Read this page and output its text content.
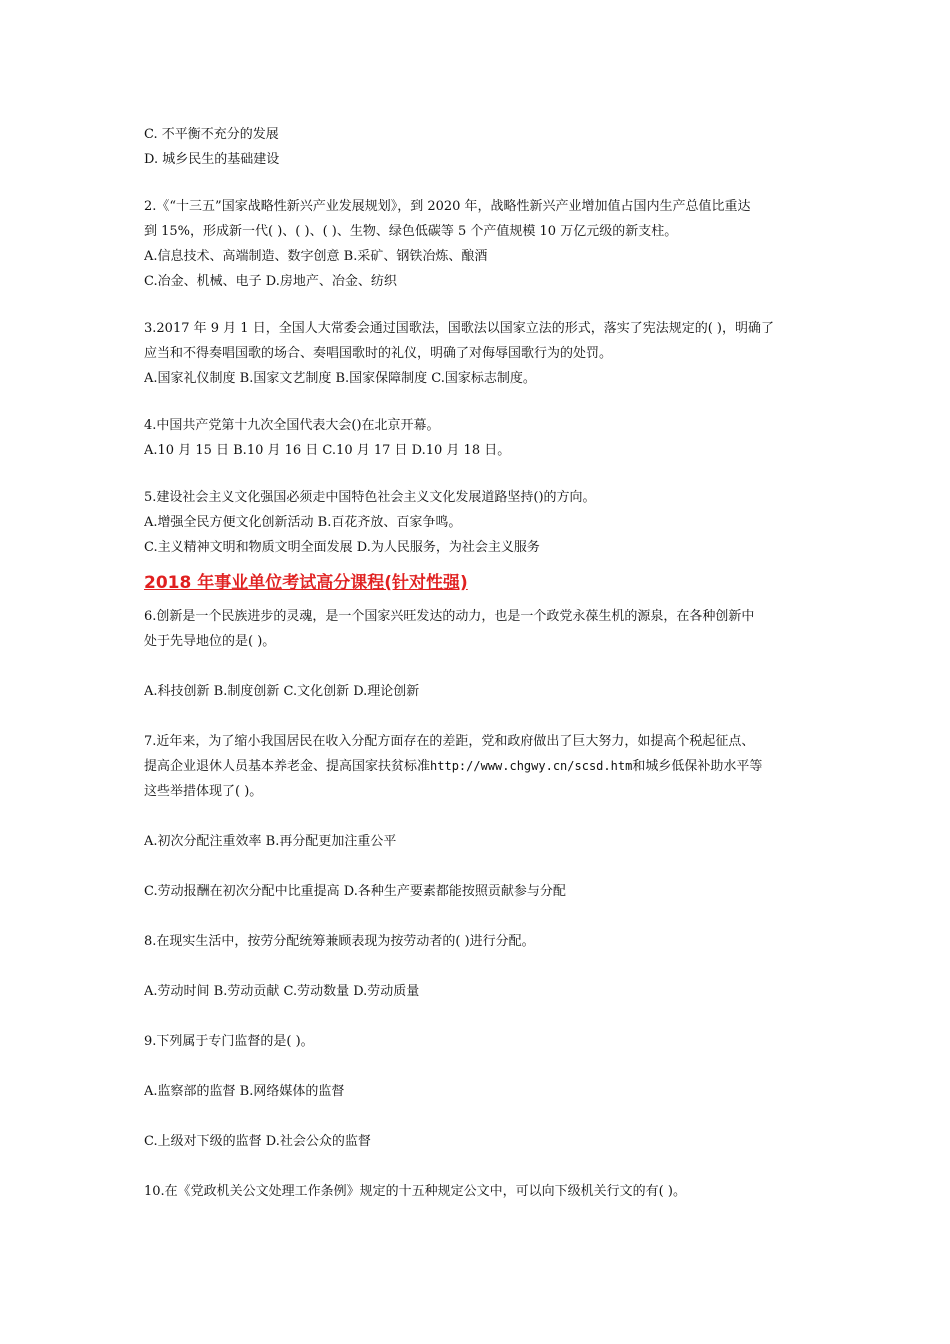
C. 不平衡不充分的发展
D. 城乡民生的基础建设
2.《“十三五”国家战略性新兴产业发展规划》，到 2020 年，战略性新兴产业增加值占国内生产总值比重达
到 15%，形成新一代( )、( )、( )、生物、绿色低碳等 5 个产值规模 10 万亿元级的新支柱。
A.信息技术、高端制造、数字创意 B.采矿、钢铁冶炼、酿酒
C.冶金、机械、电子 D.房地产、冶金、纺织
3.2017 年 9 月 1 日，全国人大常委会通过国歌法，国歌法以国家立法的形式，落实了宪法规定的( )，明确了
应当和不得奏唱国歌的场合、奏唱国歌时的礼仪，明确了对侮辱国歌行为的处罚。
A.国家礼仪制度 B.国家文艺制度 B.国家保障制度 C.国家标志制度。
4.中国共产党第十九次全国代表大会()在北京开幕。
A.10 月 15 日 B.10 月 16 日 C.10 月 17 日 D.10 月 18 日。
5.建设社会主义文化强国必须走中国特色社会主义文化发展道路坚持()的方向。
A.增强全民方便文化创新活动 B.百花齐放、百家争鸣。
C.主义精神文明和物质文明全面发展 D.为人民服务，为社会主义服务
2018 年事业单位考试高分课程(针对性强)
6.创新是一个民族进步的灵魂，是一个国家兴旺发达的动力，也是一个政党永葆生机的源泉，在各种创新中
处于先导地位的是( )。
A.科技创新 B.制度创新 C.文化创新 D.理论创新
7.近年来，为了缩小我国居民在收入分配方面存在的差距，党和政府做出了巨大努力，如提高个税起征点、
提高企业退休人员基本养老金、提高国家扶贫标准http://www.chgwy.cn/scsd.htm和城乡低保补助水平等
这些举措体现了( )。
A.初次分配注重效率 B.再分配更加注重公平
C.劳动报酬在初次分配中比重提高 D.各种生产要素都能按照贡献参与分配
8.在现实生活中，按劳分配统筹兼顾表现为按劳动者的( )进行分配。
A.劳动时间 B.劳动贡献 C.劳动数量 D.劳动质量
9.下列属于专门监督的是( )。
A.监察部的监督 B.网络媒体的监督
C.上级对下级的监督 D.社会公众的监督
10.在《党政机关公文处理工作条例》规定的十五种规定公文中，可以向下级机关行文的有( )。
